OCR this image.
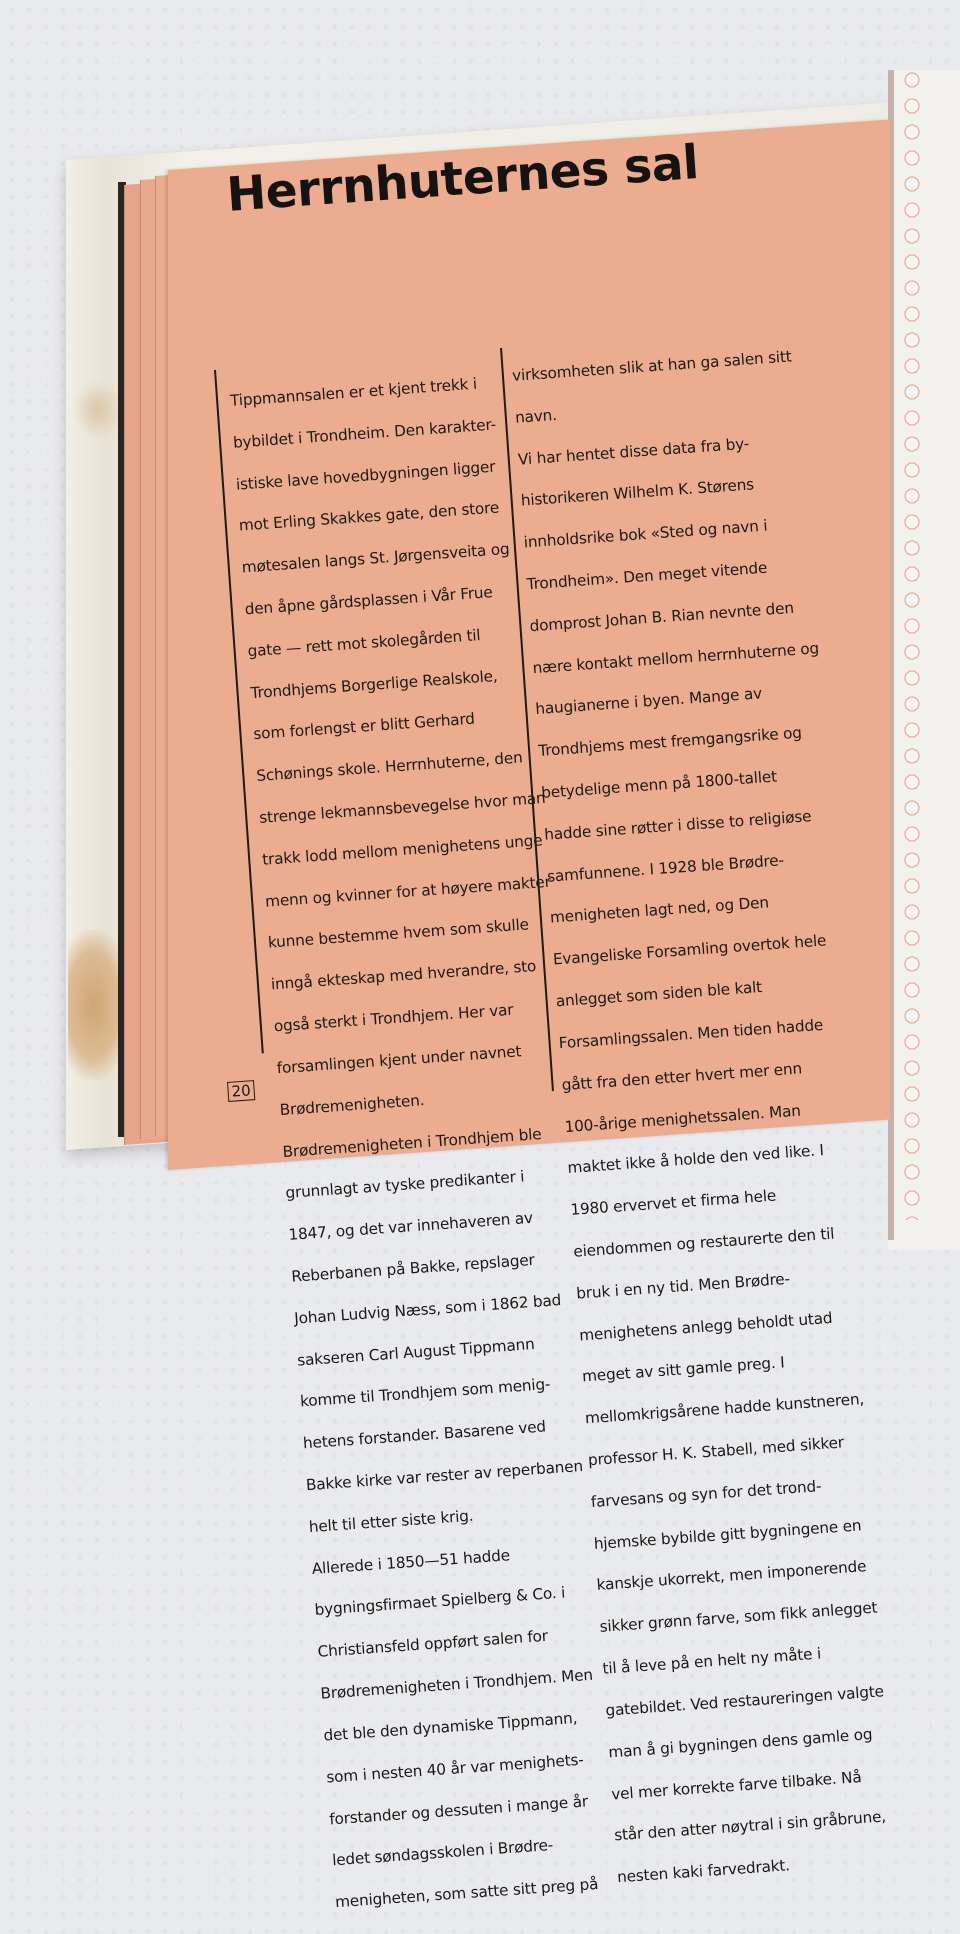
Herrnhuternes sal

Tippmannsalen er et kjent trekk i

bybildet i Trondheim. Den karakter-

istiske lave hovedbygningen ligger

mot Erling Skakkes gate, den store

møtesalen langs St. Jørgensveita og

den åpne gårdsplassen i Vår Frue

gate — rett mot skolegården til

Trondhjems Borgerlige Realskole,

som forlengst er blitt Gerhard

Schønings skole. Herrnhuterne, den

strenge lekmannsbevegelse hvor man

trakk lodd mellom menighetens unge

menn og kvinner for at høyere makter

kunne bestemme hvem som skulle

inngå ekteskap med hverandre, sto

også sterkt i Trondhjem. Her var

forsamlingen kjent under navnet

Brødremenigheten.

Brødremenigheten i Trondhjem ble

grunnlagt av tyske predikanter i

1847, og det var innehaveren av

Reberbanen på Bakke, repslager

Johan Ludvig Næss, som i 1862 bad

sakseren Carl August Tippmann

komme til Trondhjem som menig-

hetens forstander. Basarene ved

Bakke kirke var rester av reperbanen

helt til etter siste krig.

Allerede i 1850—51 hadde

bygningsfirmaet Spielberg & Co. i

Christiansfeld oppført salen for

Brødremenigheten i Trondhjem. Men

det ble den dynamiske Tippmann,

som i nesten 40 år var menighets-

forstander og dessuten i mange år

ledet søndagsskolen i Brødre-

menigheten, som satte sitt preg på

virksomheten slik at han ga salen sitt

navn.

Vi har hentet disse data fra by-

historikeren Wilhelm K. Størens

innholdsrike bok «Sted og navn i

Trondheim». Den meget vitende

domprost Johan B. Rian nevnte den

nære kontakt mellom herrnhuterne og

haugianerne i byen. Mange av

Trondhjems mest fremgangsrike og

betydelige menn på 1800-tallet

hadde sine røtter i disse to religiøse

samfunnene. I 1928 ble Brødre-

menigheten lagt ned, og Den

Evangeliske Forsamling overtok hele

anlegget som siden ble kalt

Forsamlingssalen. Men tiden hadde

gått fra den etter hvert mer enn

100-årige menighetssalen. Man

maktet ikke å holde den ved like. I

1980 ervervet et firma hele

eiendommen og restaurerte den til

bruk i en ny tid. Men Brødre-

menighetens anlegg beholdt utad

meget av sitt gamle preg. I

mellomkrigsårene hadde kunstneren,

professor H. K. Stabell, med sikker

farvesans og syn for det trond-

hjemske bybilde gitt bygningene en

kanskje ukorrekt, men imponerende

sikker grønn farve, som fikk anlegget

til å leve på en helt ny måte i

gatebildet. Ved restaureringen valgte

man å gi bygningen dens gamle og

vel mer korrekte farve tilbake. Nå

står den atter nøytral i sin gråbrune,

nesten kaki farvedrakt.

20
